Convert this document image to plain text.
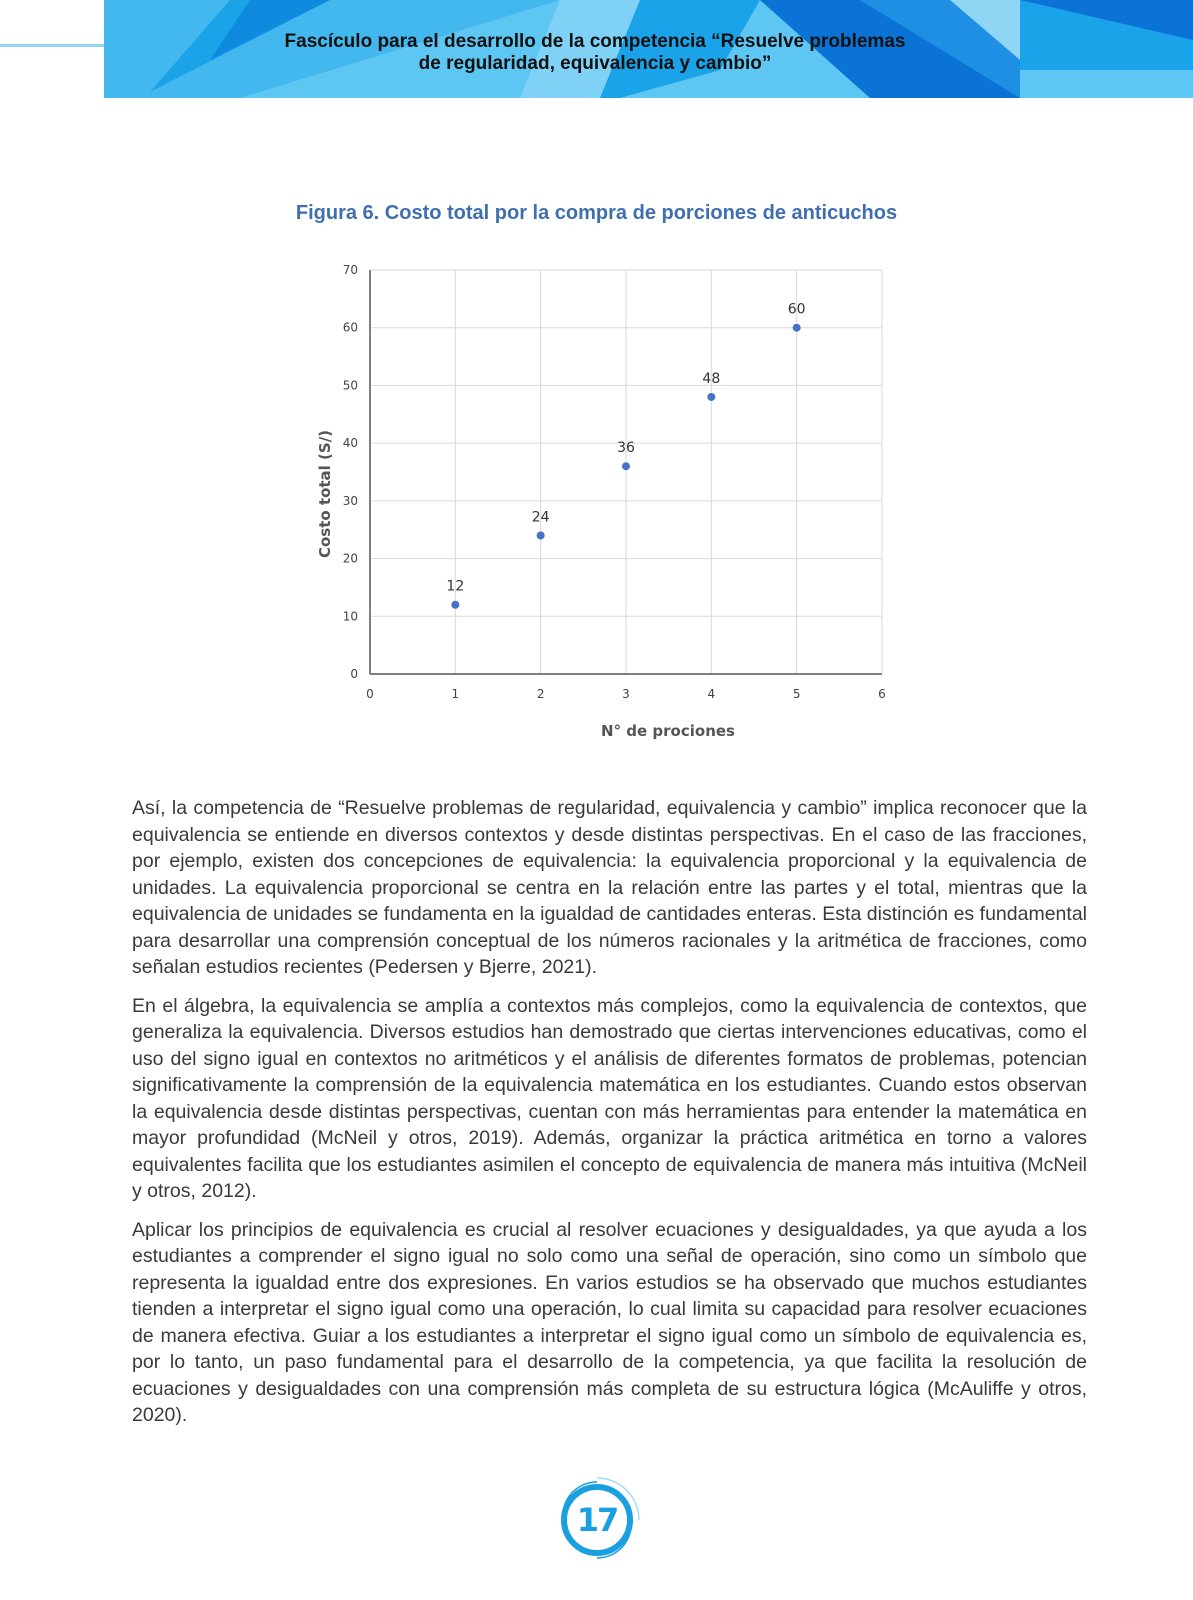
Fascículo para el desarrollo de la competencia “Resuelve problemas
de regularidad, equivalencia y cambio”
Figura 6. Costo total por la compra de porciones de anticuchos
0	1	2	3	4	5	6
0
10
20
30
40
50
60
70
12
24
36
48
60
N° de prociones
Costo total (S/)

Así, la competencia de “Resuelve problemas de regularidad, equivalencia y cambio” implica reconocer que la equivalencia se entiende en diversos contextos y desde distintas perspectivas. En el caso de las fracciones, por ejemplo, existen dos concepciones de equivalencia: la equivalencia proporcional y la equivalencia de unidades. La equivalencia proporcional se centra en la relación entre las partes y el total, mientras que la equivalencia de unidades se fundamenta en la igualdad de cantidades enteras. Esta distinción es fundamental para desarrollar una comprensión conceptual de los números racionales y la aritmética de fracciones, como señalan estudios recientes (Pedersen y Bjerre, 2021).

En el álgebra, la equivalencia se amplía a contextos más complejos, como la equivalencia de contextos, que generaliza la equivalencia. Diversos estudios han demostrado que ciertas intervenciones educativas, como el uso del signo igual en contextos no aritméticos y el análisis de diferentes formatos de problemas, potencian significativamente la comprensión de la equivalencia matemática en los estudiantes. Cuando estos observan la equivalencia desde distintas perspectivas, cuentan con más herramientas para entender la matemática en mayor profundidad (McNeil y otros, 2019). Además, organizar la práctica aritmética en torno a valores equivalentes facilita que los estudiantes asimilen el concepto de equivalencia de manera más intuitiva (McNeil y otros, 2012).

Aplicar los principios de equivalencia es crucial al resolver ecuaciones y desigualdades, ya que ayuda a los estudiantes a comprender el signo igual no solo como una señal de operación, sino como un símbolo que representa la igualdad entre dos expresiones. En varios estudios se ha observado que muchos estudiantes tienden a interpretar el signo igual como una operación, lo cual limita su capacidad para resolver ecuaciones de manera efectiva. Guiar a los estudiantes a interpretar el signo igual como un símbolo de equivalencia es, por lo tanto, un paso fundamental para el desarrollo de la competencia, ya que facilita la resolución de ecuaciones y desigualdades con una comprensión más completa de su estructura lógica (McAuliffe y otros, 2020).

17
